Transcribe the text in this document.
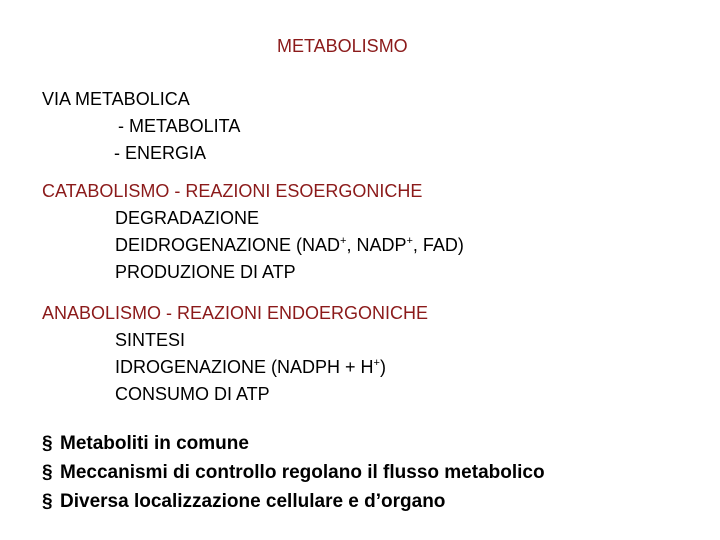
METABOLISMO
VIA METABOLICA
- METABOLITA
- ENERGIA
CATABOLISMO - REAZIONI ESOERGONICHE
DEGRADAZIONE
DEIDROGENAZIONE (NAD+, NADP+, FAD)
PRODUZIONE DI ATP
ANABOLISMO - REAZIONI ENDOERGONICHE
SINTESI
IDROGENAZIONE (NADPH + H+)
CONSUMO DI ATP
§ Metaboliti in comune
§ Meccanismi di controllo regolano il flusso metabolico
§ Diversa localizzazione cellulare e d’organo
